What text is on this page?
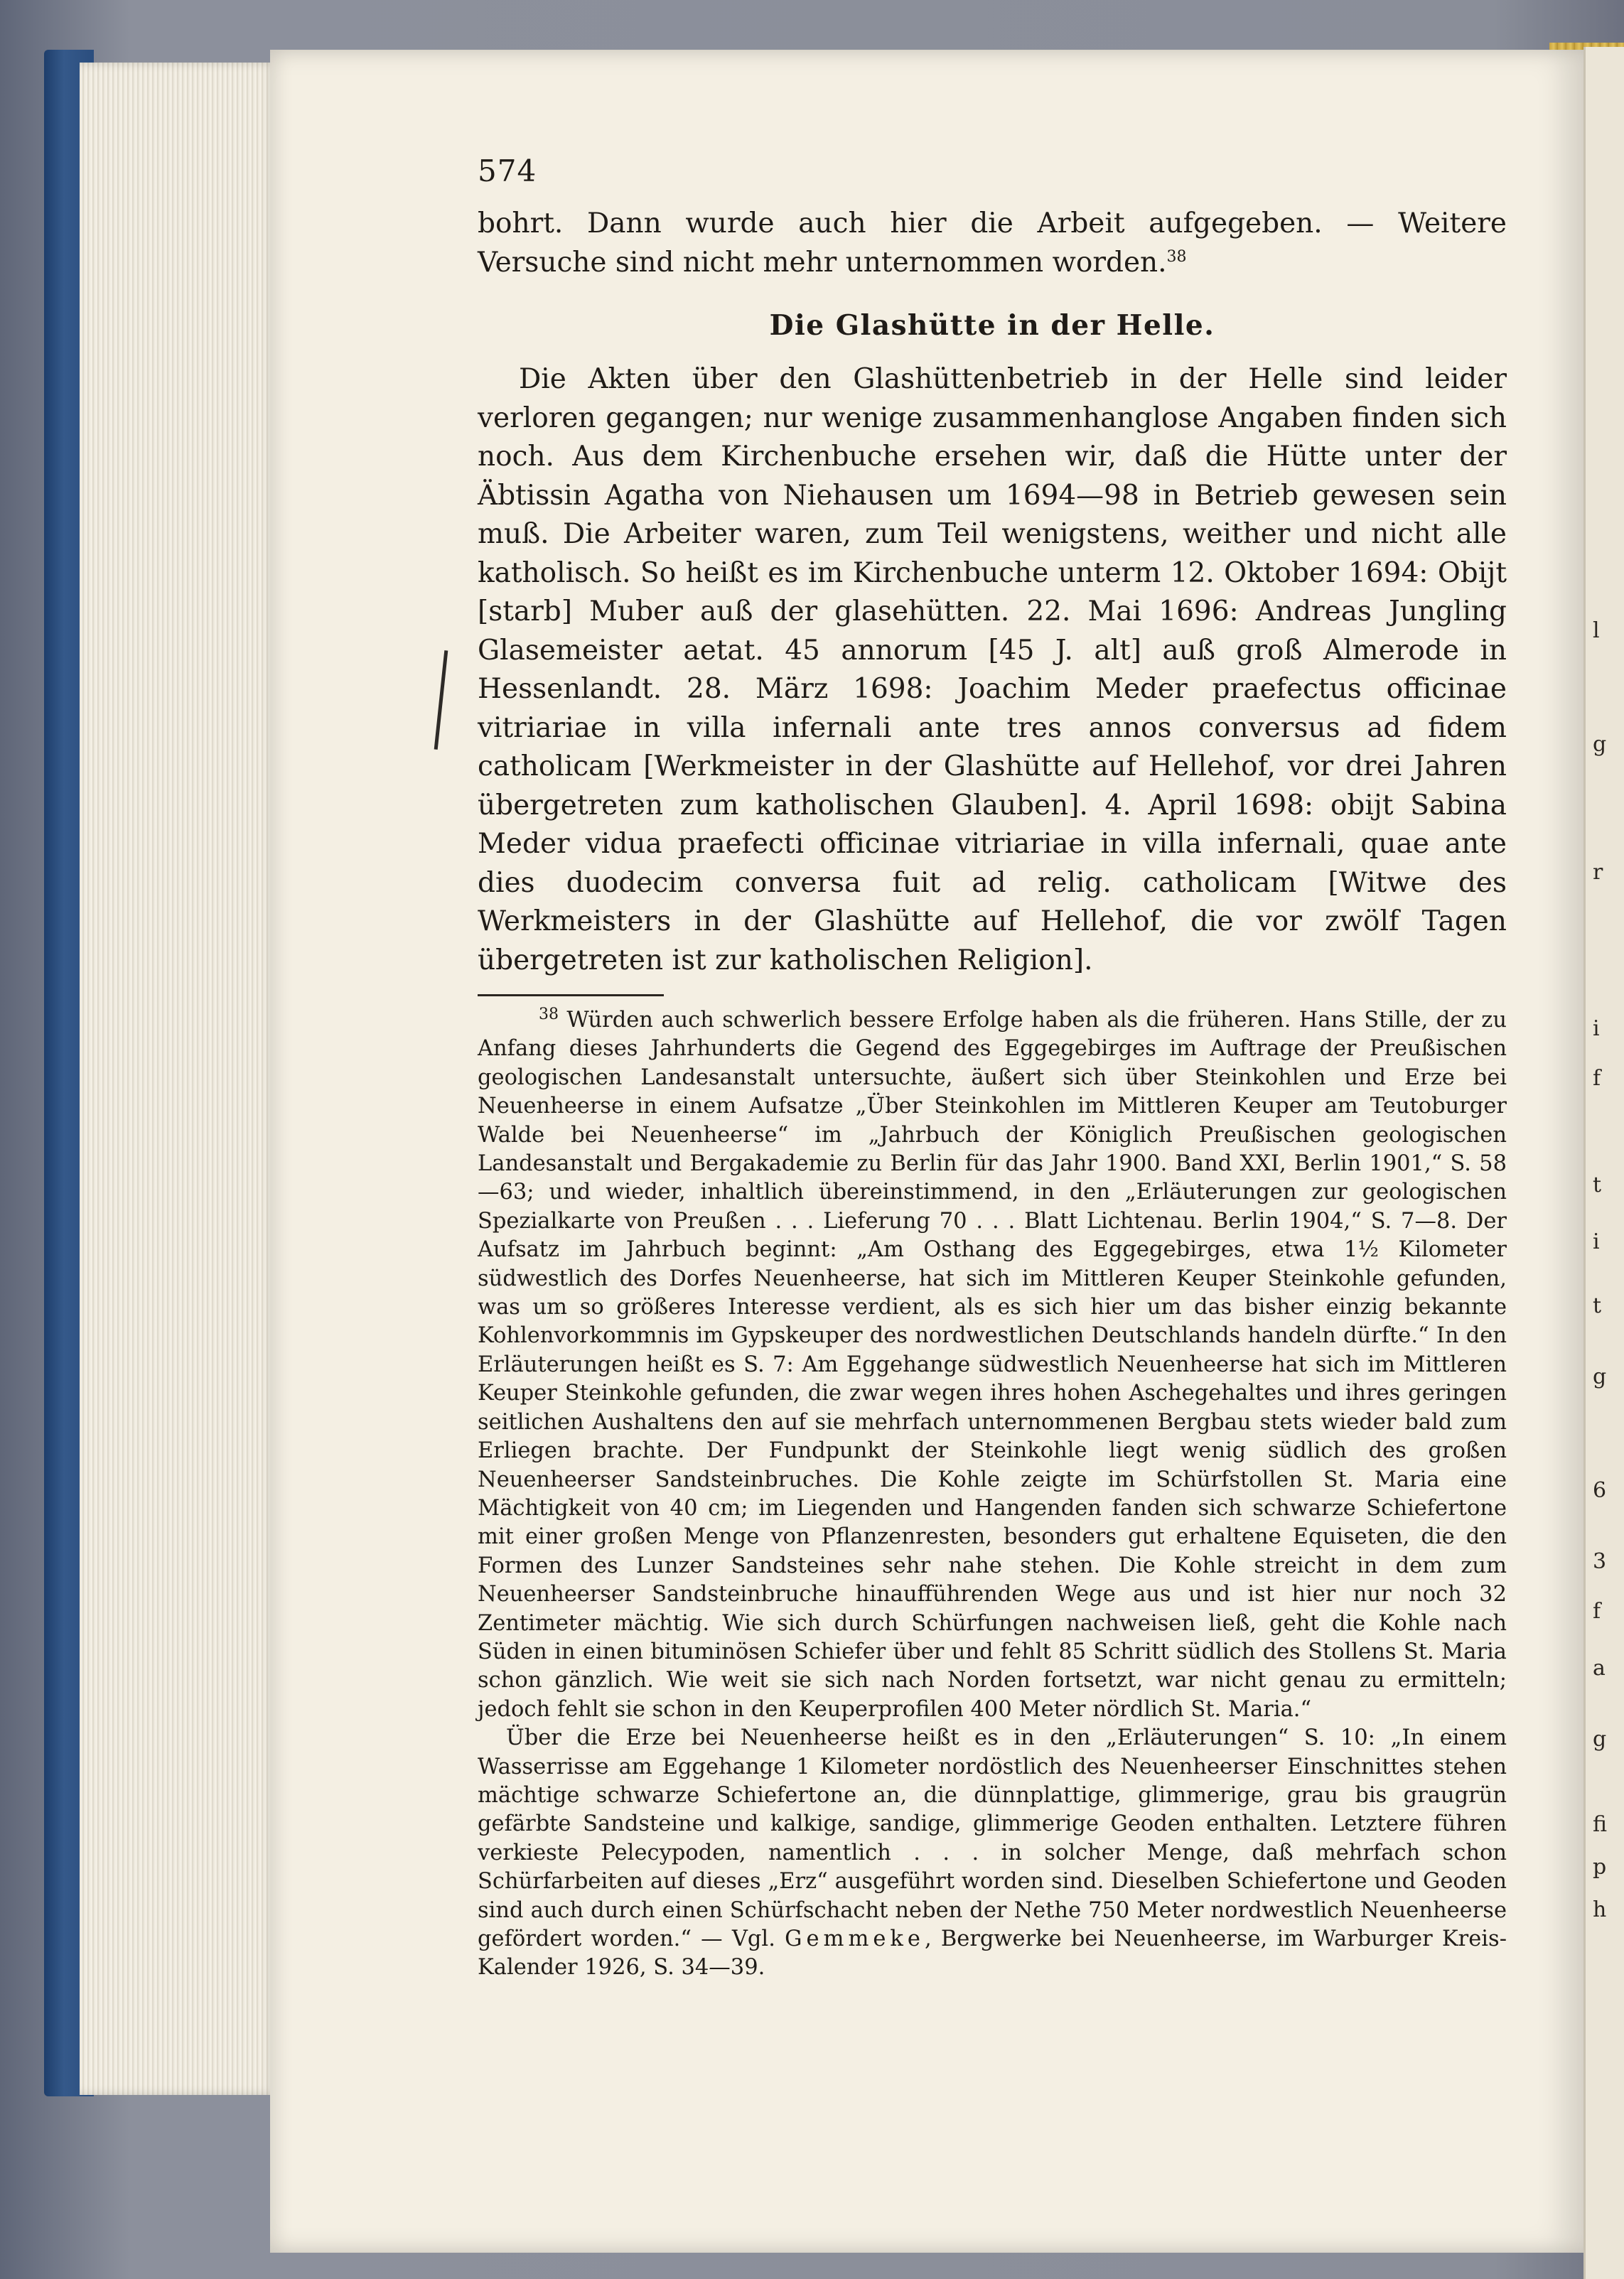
l
g
r
i
f
t
i
t
g
6
3
f
a
g
fi
p
h
574

bohrt. Dann wurde auch hier die Arbeit aufgegeben. — Weitere Versuche sind nicht mehr unternommen worden.$^{38}$

Die Glashütte in der Helle.

Die Akten über den Glashüttenbetrieb in der Helle sind leider verloren gegangen; nur wenige zusammenhanglose Angaben finden sich noch. Aus dem Kirchenbuche ersehen wir, daß die Hütte unter der Äbtissin Agatha von Niehausen um 1694—98 in Betrieb gewesen sein muß. Die Arbeiter waren, zum Teil wenigstens, weither und nicht alle katholisch. So heißt es im Kirchenbuche unterm 12. Oktober 1694: Obijt [starb] Muber auß der glasehütten. 22. Mai 1696: Andreas Jungling Glasemeister aetat. 45 annorum [45 J. alt] auß groß Almerode in Hessenlandt. 28. März 1698: Joachim Meder praefectus officinae vitriariae in villa infernali ante tres annos conversus ad fidem catholicam [Werkmeister in der Glashütte auf Hellehof, vor drei Jahren übergetreten zum katholischen Glauben]. 4. April 1698: obijt Sabina Meder vidua praefecti officinae vitriariae in villa infernali, quae ante dies duodecim conversa fuit ad relig. catholicam [Witwe des Werkmeisters in der Glashütte auf Hellehof, die vor zwölf Tagen übergetreten ist zur katholischen Religion].

$^{38}$ Würden auch schwerlich bessere Erfolge haben als die früheren. Hans Stille, der zu Anfang dieses Jahrhunderts die Gegend des Eggegebirges im Auftrage der Preußischen geologischen Landesanstalt untersuchte, äußert sich über Steinkohlen und Erze bei Neuenheerse in einem Aufsatze „Über Steinkohlen im Mittleren Keuper am Teutoburger Walde bei Neuenheerse“ im „Jahrbuch der Königlich Preußischen geologischen Landesanstalt und Bergakademie zu Berlin für das Jahr 1900. Band XXI, Berlin 1901,“ S. 58—63; und wieder, inhaltlich übereinstimmend, in den „Erläuterungen zur geologischen Spezialkarte von Preußen . . . Lieferung 70 . . . Blatt Lichtenau. Berlin 1904,“ S. 7—8. Der Aufsatz im Jahrbuch beginnt: „Am Osthang des Eggegebirges, etwa 1½ Kilometer südwestlich des Dorfes Neuenheerse, hat sich im Mittleren Keuper Steinkohle gefunden, was um so größeres Interesse verdient, als es sich hier um das bisher einzig bekannte Kohlenvorkommnis im Gypskeuper des nordwestlichen Deutschlands handeln dürfte.“ In den Erläuterungen heißt es S. 7: Am Eggehange südwestlich Neuenheerse hat sich im Mittleren Keuper Steinkohle gefunden, die zwar wegen ihres hohen Aschegehaltes und ihres geringen seitlichen Aushaltens den auf sie mehrfach unternommenen Bergbau stets wieder bald zum Erliegen brachte. Der Fundpunkt der Steinkohle liegt wenig südlich des großen Neuenheerser Sandsteinbruches. Die Kohle zeigte im Schürfstollen St. Maria eine Mächtigkeit von 40 cm; im Liegenden und Hangenden fanden sich schwarze Schiefertone mit einer großen Menge von Pflanzenresten, besonders gut erhaltene Equiseten, die den Formen des Lunzer Sandsteines sehr nahe stehen. Die Kohle streicht in dem zum Neuenheerser Sandsteinbruche hinaufführenden Wege aus und ist hier nur noch 32 Zentimeter mächtig. Wie sich durch Schürfungen nachweisen ließ, geht die Kohle nach Süden in einen bituminösen Schiefer über und fehlt 85 Schritt südlich des Stollens St. Maria schon gänzlich. Wie weit sie sich nach Norden fortsetzt, war nicht genau zu ermitteln; jedoch fehlt sie schon in den Keuperprofilen 400 Meter nördlich St. Maria.“

Über die Erze bei Neuenheerse heißt es in den „Erläuterungen“ S. 10: „In einem Wasserrisse am Eggehange 1 Kilometer nordöstlich des Neuenheerser Einschnittes stehen mächtige schwarze Schiefertone an, die dünnplattige, glimmerige, grau bis graugrün gefärbte Sandsteine und kalkige, sandige, glimmerige Geoden enthalten. Letztere führen verkieste Pelecypoden, namentlich . . . in solcher Menge, daß mehrfach schon Schürfarbeiten auf dieses „Erz“ ausgeführt worden sind. Dieselben Schiefertone und Geoden sind auch durch einen Schürfschacht neben der Nethe 750 Meter nordwestlich Neuenheerse gefördert worden.“ — Vgl. Gemmeke, Bergwerke bei Neuenheerse, im Warburger Kreis-Kalender 1926, S. 34—39.
